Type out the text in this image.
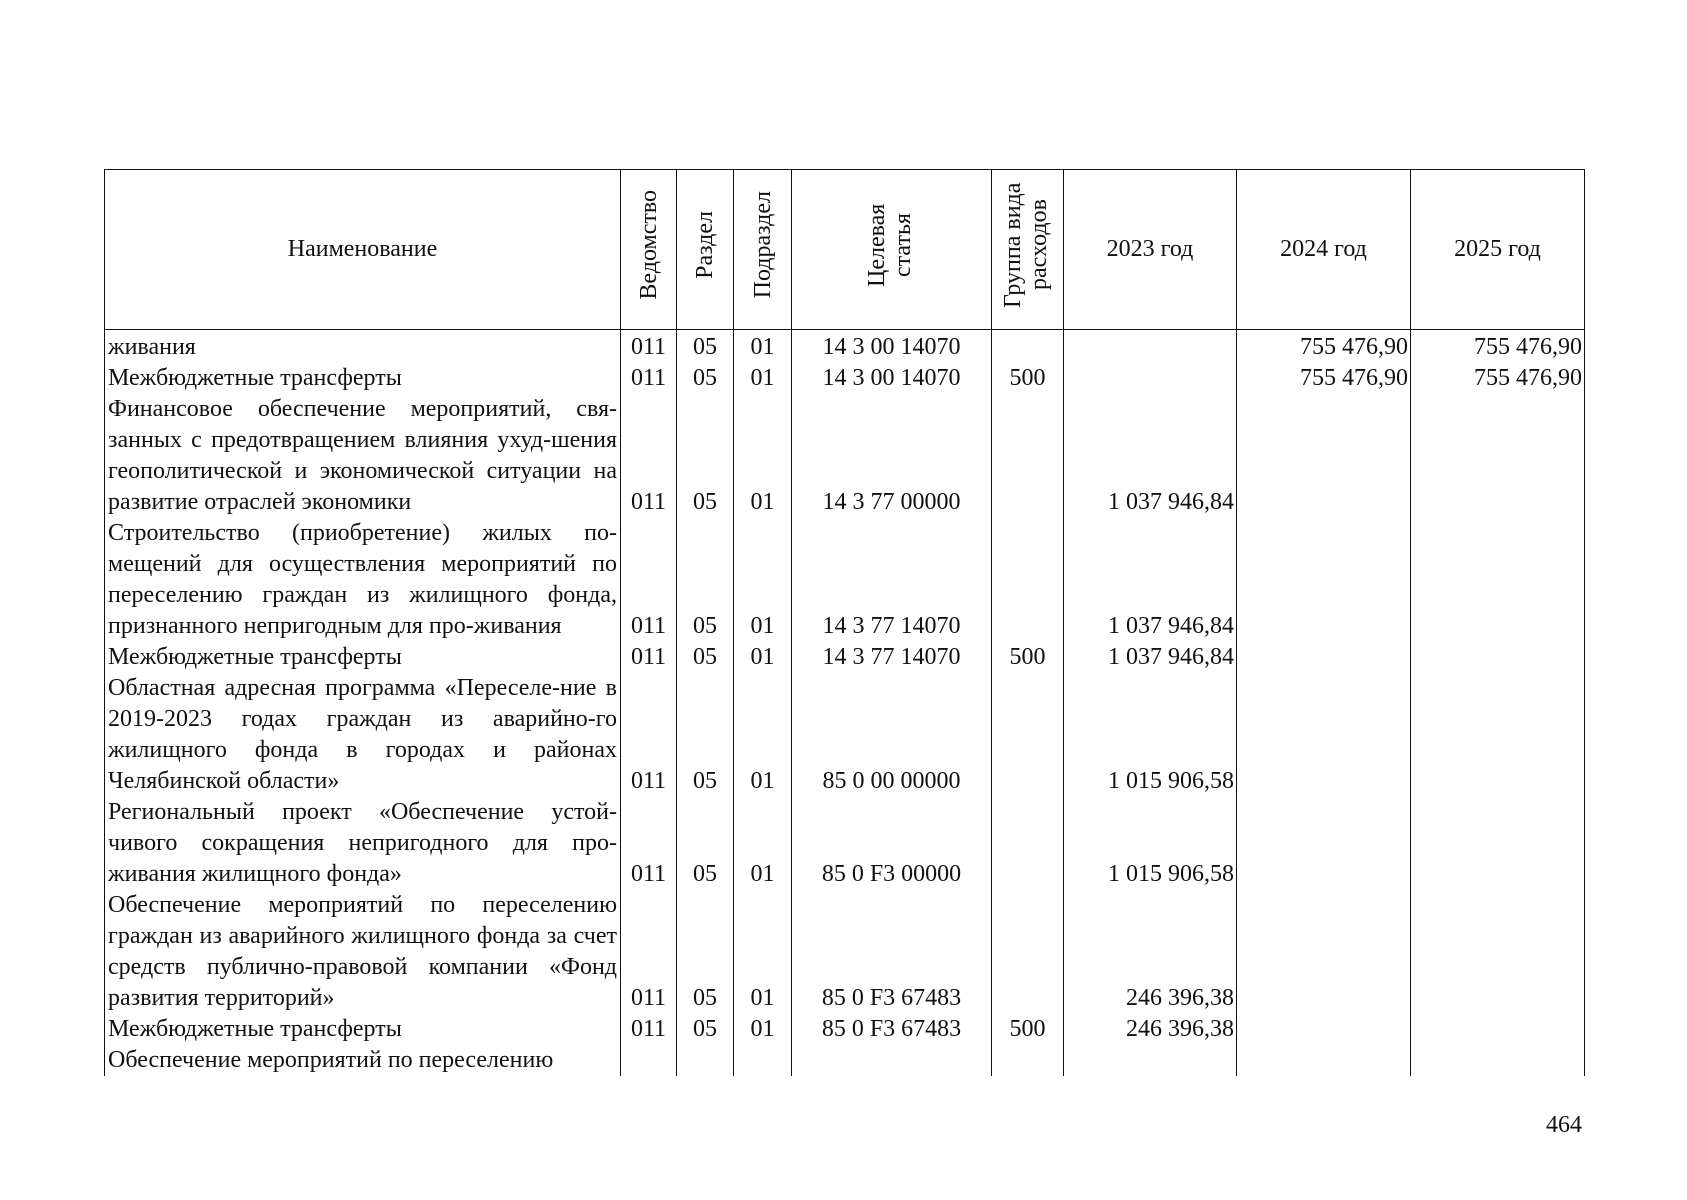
Наименование	Ведомство	Раздел	Подраздел	Целевая статья	Группа вида расходов	2023 год	2024 год	2025 год
живания	011	05	01	14 3 00 14070			755 476,90	755 476,90
Межбюджетные трансферты	011	05	01	14 3 00 14070	500		755 476,90	755 476,90
Финансовое обеспечение мероприятий, свя-занных с предотвращением влияния ухуд-шения геополитической и экономической ситуации на развитие отраслей экономики	011	05	01	14 3 77 00000		1 037 946,84		
Строительство (приобретение) жилых по-мещений для осуществления мероприятий по переселению граждан из жилищного фонда, признанного непригодным для про-живания	011	05	01	14 3 77 14070		1 037 946,84		
Межбюджетные трансферты	011	05	01	14 3 77 14070	500	1 037 946,84		
Областная адресная программа «Переселе-ние в 2019-2023 годах граждан из аварийно-го жилищного фонда в городах и районах Челябинской области»	011	05	01	85 0 00 00000		1 015 906,58		
Региональный проект «Обеспечение устой-чивого сокращения непригодного для про-живания жилищного фонда»	011	05	01	85 0 F3 00000		1 015 906,58		
Обеспечение мероприятий по переселению граждан из аварийного жилищного фонда за счет средств публично-правовой компании «Фонд развития территорий»	011	05	01	85 0 F3 67483		246 396,38		
Межбюджетные трансферты	011	05	01	85 0 F3 67483	500	246 396,38		
Обеспечение мероприятий по переселению								
464
